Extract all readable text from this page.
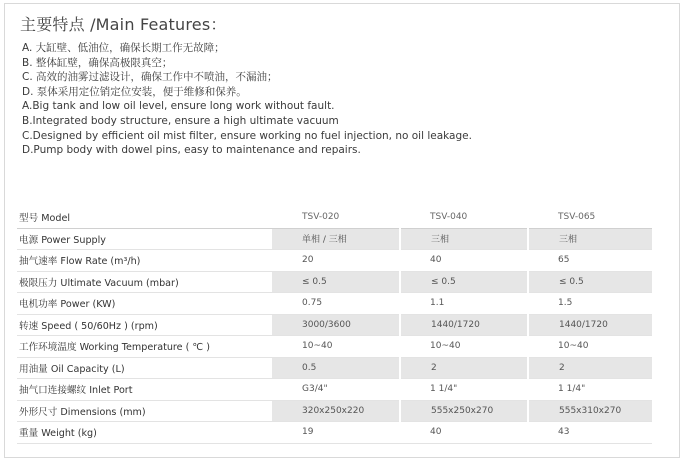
主要特点 /Main Features：
A. 大缸壁、低油位，确保长期工作无故障；
B. 整体缸壁，确保高极限真空；
C. 高效的油雾过滤设计，确保工作中不喷油，不漏油；
D. 泵体采用定位销定位安装，便于维修和保养。
A.Big tank and low oil level, ensure long work without fault.
B.Integrated body structure, ensure a high ultimate vacuum
C.Designed by efficient oil mist filter, ensure working no fuel injection, no oil leakage.
D.Pump body with dowel pins, easy to maintenance and repairs.
型号 Model	TSV-020	TSV-040	TSV-065
电源 Power Supply	单相 / 三相	三相	三相
抽气速率 Flow Rate (m³/h)	20	40	65
极限压力 Ultimate Vacuum (mbar)	≤ 0.5	≤ 0.5	≤ 0.5
电机功率 Power (KW)	0.75	1.1	1.5
转速 Speed ( 50/60Hz ) (rpm)	3000/3600	1440/1720	1440/1720
工作环境温度 Working Temperature ( ℃ )	10~40	10~40	10~40
用油量 Oil Capacity (L)	0.5	2	2
抽气口连接螺纹 Inlet Port	G3/4"	1 1/4"	1 1/4"
外形尺寸 Dimensions (mm)	320x250x220	555x250x270	555x310x270
重量 Weight (kg)	19	40	43
